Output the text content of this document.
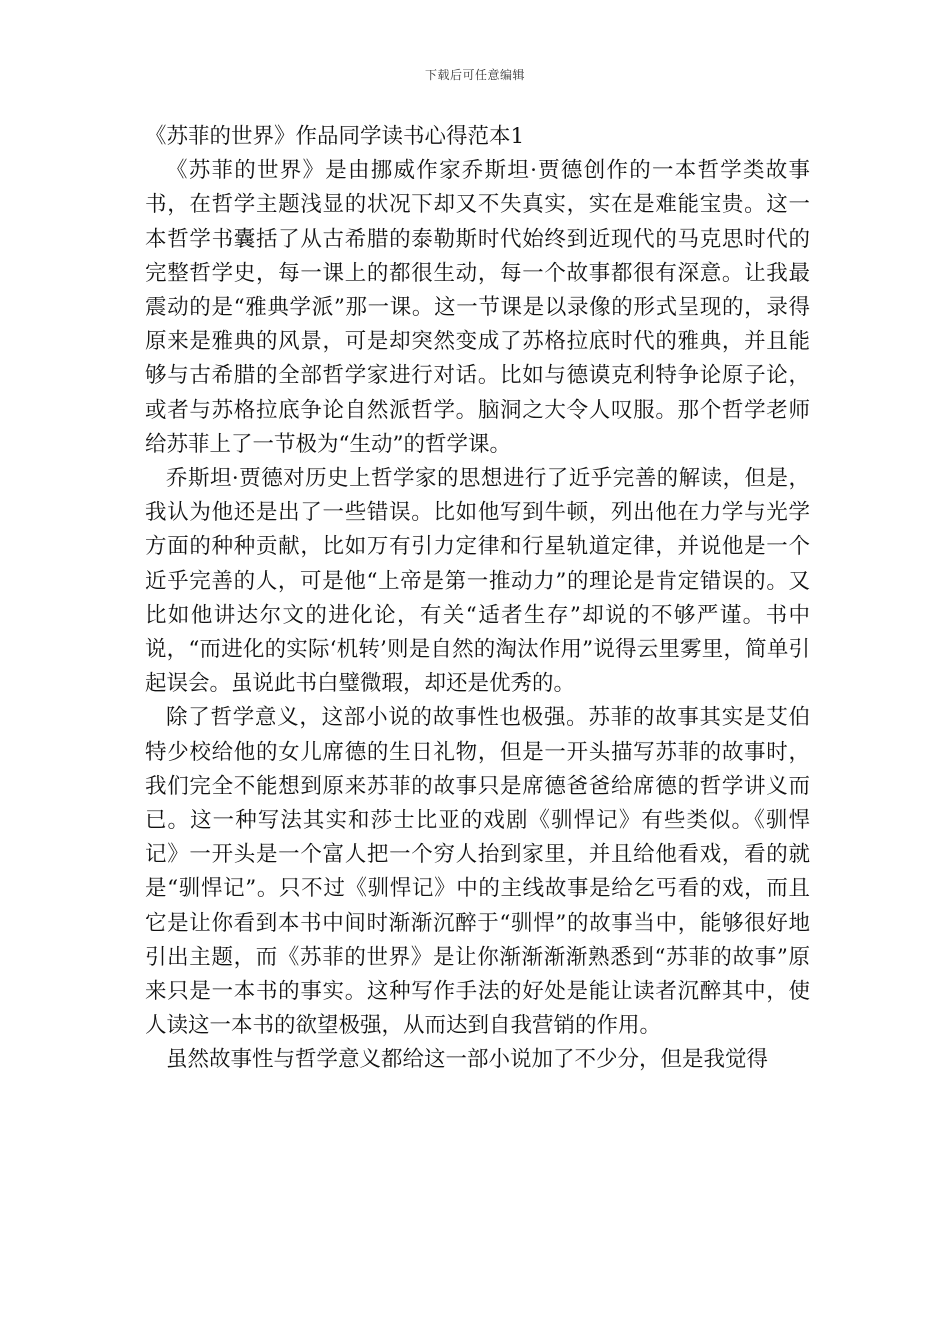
下载后可任意编辑
《苏菲的世界》作品同学读书心得范本1

《苏菲的世界》是由挪威作家乔斯坦·贾德创作的一本哲学类故事书，在哲学主题浅显的状况下却又不失真实，实在是难能宝贵。这一本哲学书囊括了从古希腊的泰勒斯时代始终到近现代的马克思时代的完整哲学史，每一课上的都很生动，每一个故事都很有深意。让我最震动的是“雅典学派”那一课。这一节课是以录像的形式呈现的，录得原来是雅典的风景，可是却突然变成了苏格拉底时代的雅典，并且能够与古希腊的全部哲学家进行对话。比如与德谟克利特争论原子论，或者与苏格拉底争论自然派哲学。脑洞之大令人叹服。那个哲学老师给苏菲上了一节极为“生动”的哲学课。

乔斯坦·贾德对历史上哲学家的思想进行了近乎完善的解读，但是，我认为他还是出了一些错误。比如他写到牛顿，列出他在力学与光学方面的种种贡献，比如万有引力定律和行星轨道定律，并说他是一个近乎完善的人，可是他“上帝是第一推动力”的理论是肯定错误的。又比如他讲达尔文的进化论，有关“适者生存”却说的不够严谨。书中说，“而进化的实际‘机转’则是自然的淘汰作用”说得云里雾里，简单引起误会。虽说此书白璧微瑕，却还是优秀的。

除了哲学意义，这部小说的故事性也极强。苏菲的故事其实是艾伯特少校给他的女儿席德的生日礼物，但是一开头描写苏菲的故事时，我们完全不能想到原来苏菲的故事只是席德爸爸给席德的哲学讲义而已。这一种写法其实和莎士比亚的戏剧《驯悍记》有些类似。《驯悍记》一开头是一个富人把一个穷人抬到家里，并且给他看戏，看的就是“驯悍记”。只不过《驯悍记》中的主线故事是给乞丐看的戏，而且它是让你看到本书中间时渐渐沉醉于“驯悍”的故事当中，能够很好地引出主题，而《苏菲的世界》是让你渐渐渐渐熟悉到“苏菲的故事”原来只是一本书的事实。这种写作手法的好处是能让读者沉醉其中，使人读这一本书的欲望极强，从而达到自我营销的作用。

虽然故事性与哲学意义都给这一部小说加了不少分，但是我觉得
